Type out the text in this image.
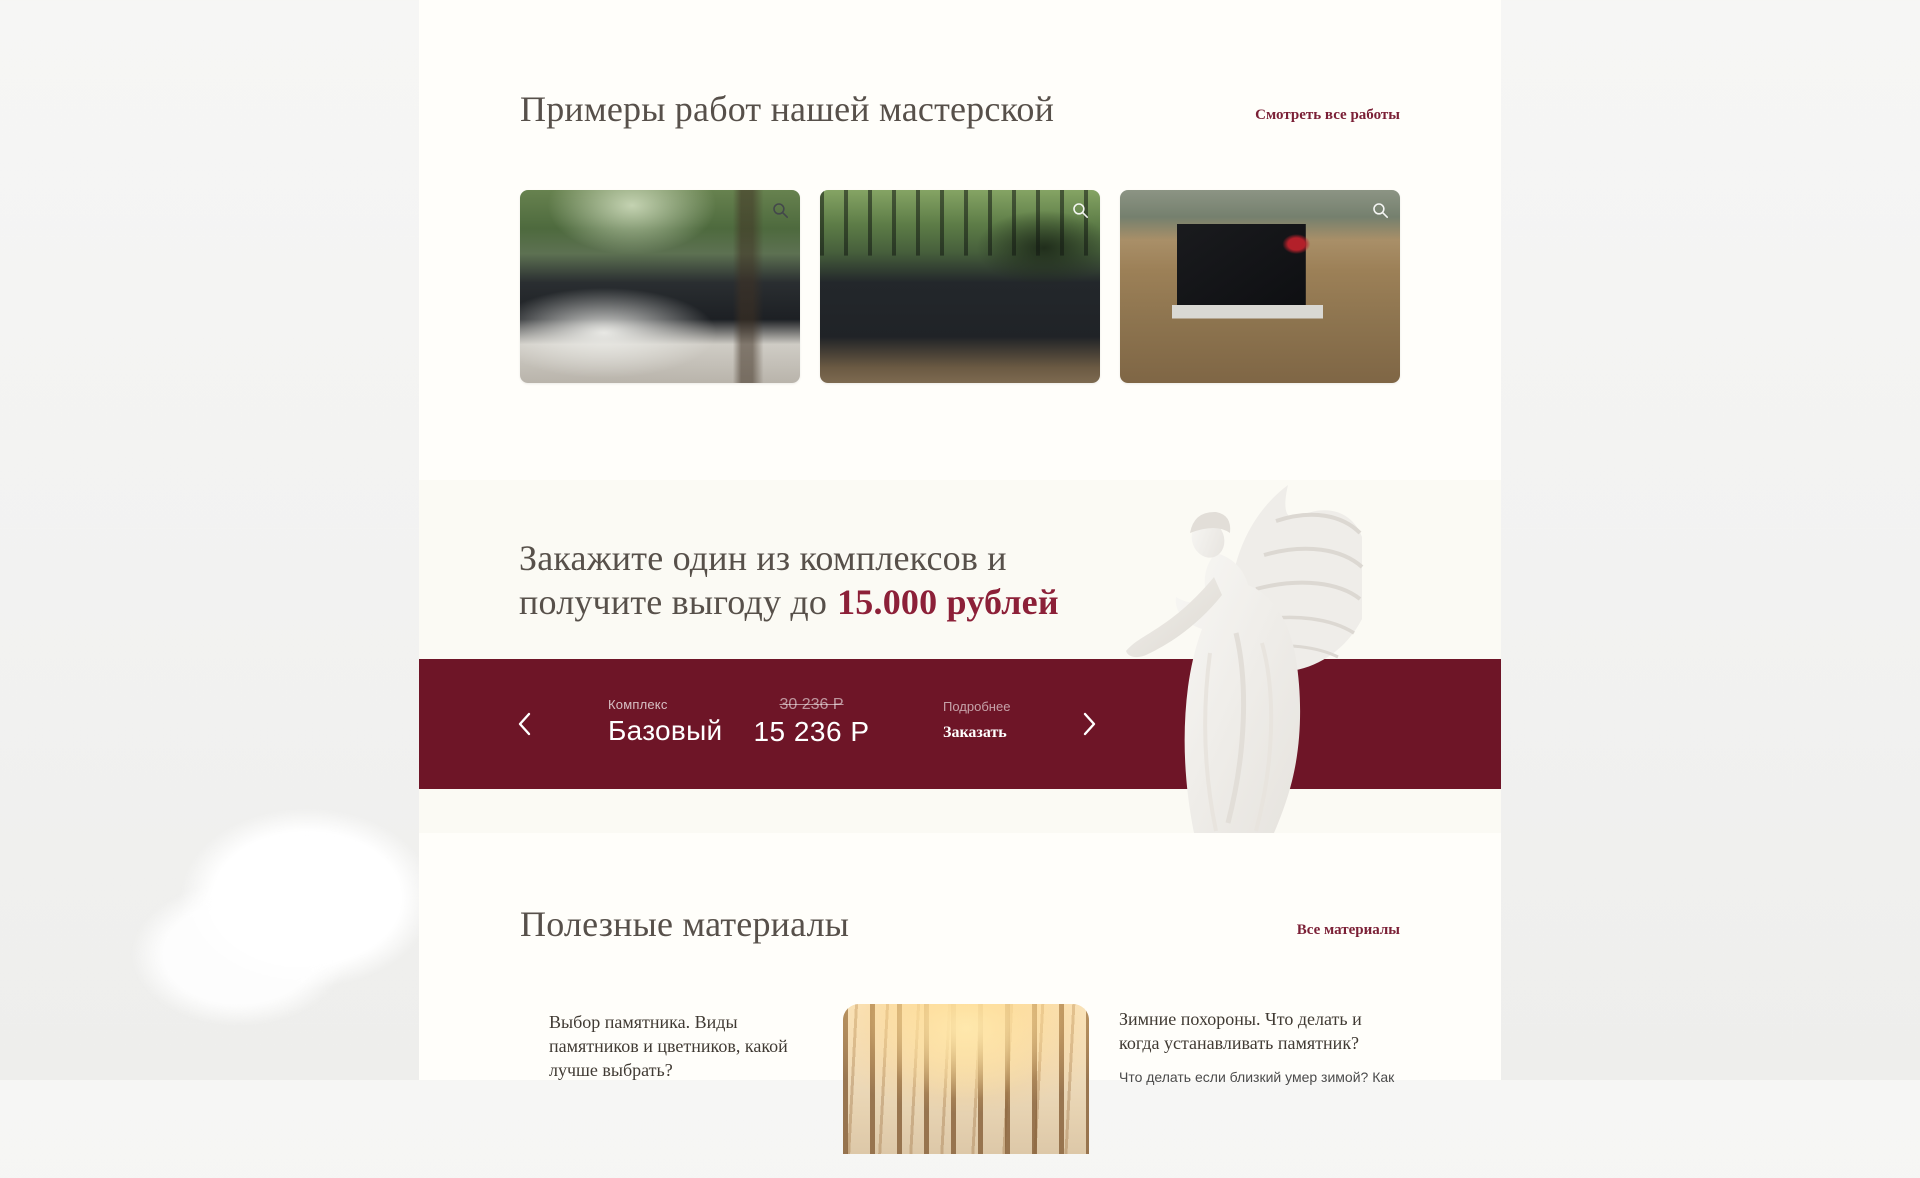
Примеры работ нашей мастерской	Смотреть все работы
Закажите один из комплексов и
получите выгоду до 15.000 рублей
Комплекс
Базовый
30 236 Р
15 236 Р
Подробнее
Заказать
Полезные материалы	Все материалы
Выбор памятника. Виды памятников и цветников, какой лучше выбрать?
Зимние похороны. Что делать и когда устанавливать памятник?
Что делать если близкий умер зимой? Как
